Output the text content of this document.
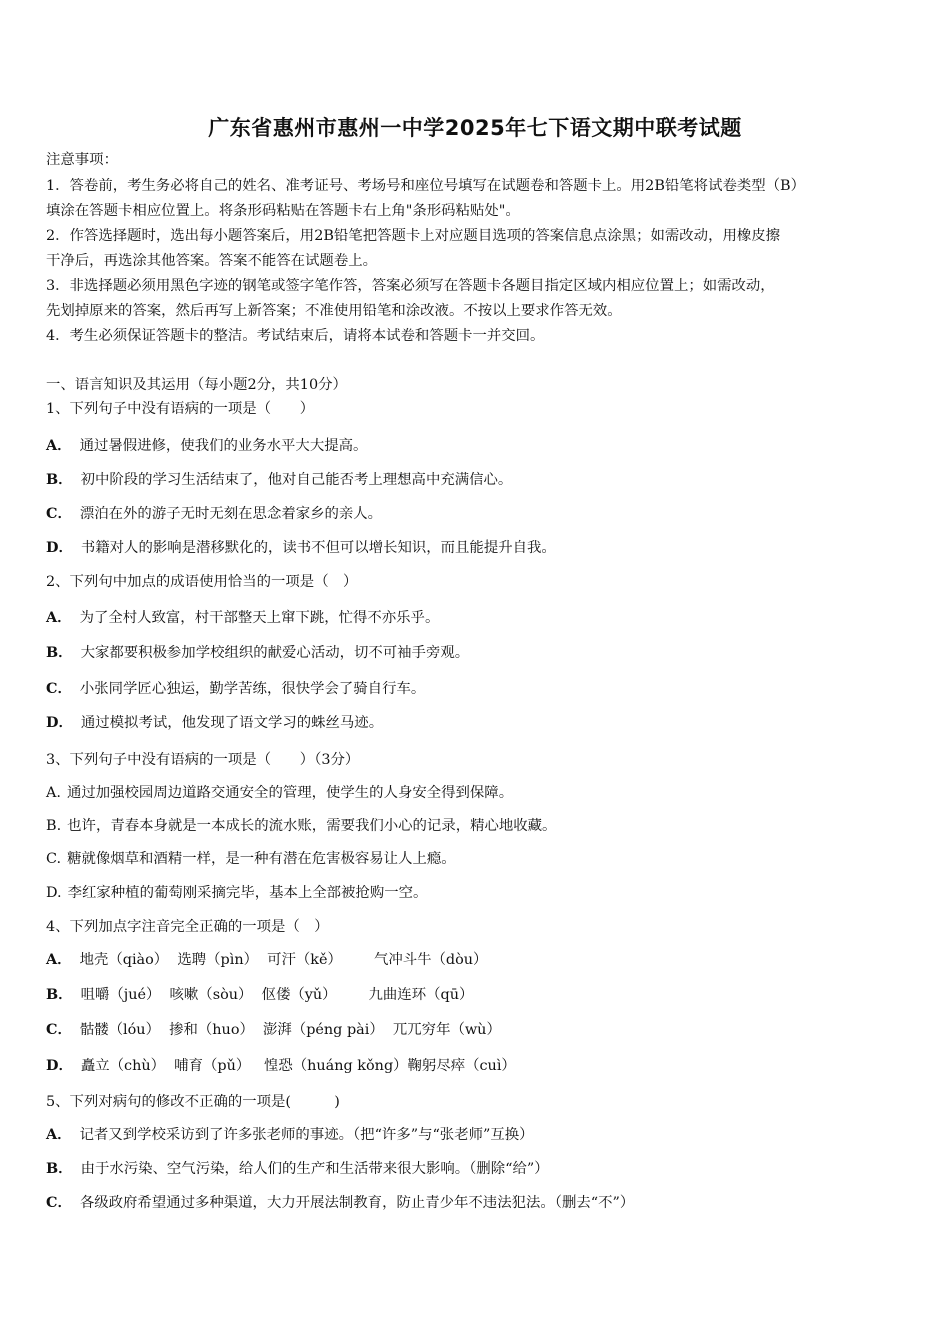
广东省惠州市惠州一中学2025年七下语文期中联考试题
注意事项：
1．答卷前，考生务必将自己的姓名、准考证号、考场号和座位号填写在试题卷和答题卡上。用2B铅笔将试卷类型（B）
填涂在答题卡相应位置上。将条形码粘贴在答题卡右上角"条形码粘贴处"。
2．作答选择题时，选出每小题答案后，用2B铅笔把答题卡上对应题目选项的答案信息点涂黑；如需改动，用橡皮擦
干净后，再选涂其他答案。答案不能答在试题卷上。
3．非选择题必须用黑色字迹的钢笔或签字笔作答，答案必须写在答题卡各题目指定区域内相应位置上；如需改动，
先划掉原来的答案，然后再写上新答案；不准使用铅笔和涂改液。不按以上要求作答无效。
4．考生必须保证答题卡的整洁。考试结束后，请将本试卷和答题卡一并交回。
一、语言知识及其运用（每小题2分，共10分）
1、下列句子中没有语病的一项是（　　）
A． 通过暑假进修，使我们的业务水平大大提高。
B． 初中阶段的学习生活结束了，他对自己能否考上理想高中充满信心。
C． 漂泊在外的游子无时无刻在思念着家乡的亲人。
D． 书籍对人的影响是潜移默化的，读书不但可以增长知识，而且能提升自我。
2、下列句中加点的成语使用恰当的一项是（　）
A． 为了全村人致富，村干部整天上窜下跳，忙得不亦乐乎。
B． 大家都要积极参加学校组织的献爱心活动，切不可袖手旁观。
C． 小张同学匠心独运，勤学苦练，很快学会了骑自行车。
D． 通过模拟考试，他发现了语文学习的蛛丝马迹。
3、下列句子中没有语病的一项是（　　）（3分）
A. 通过加强校园周边道路交通安全的管理，使学生的人身安全得到保障。
B. 也许，青春本身就是一本成长的流水账，需要我们小心的记录，精心地收藏。
C. 糖就像烟草和酒精一样，是一种有潜在危害极容易让人上瘾。
D. 李红家种植的葡萄刚采摘完毕，基本上全部被抢购一空。
4、下列加点字注音完全正确的一项是（　）
A． 地壳（qiào）  选聘（pìn）  可汗（kě）       气冲斗牛（dòu）
B． 咀嚼（jué）  咳嗽（sòu）  伛偻（yǔ）       九曲连环（qū）
C． 骷髅（lóu）  掺和（huo）  澎湃（péng pài）  兀兀穷年（wù）
D． 矗立（chù）  哺育（pǔ）   惶恐（huáng kǒng）鞠躬尽瘁（cuì）
5、下列对病句的修改不正确的一项是(　　　)
A． 记者又到学校采访到了许多张老师的事迹。（把“许多”与“张老师”互换）
B． 由于水污染、空气污染，给人们的生产和生活带来很大影响。（删除“给”）
C． 各级政府希望通过多种渠道，大力开展法制教育，防止青少年不违法犯法。（删去“不”）
